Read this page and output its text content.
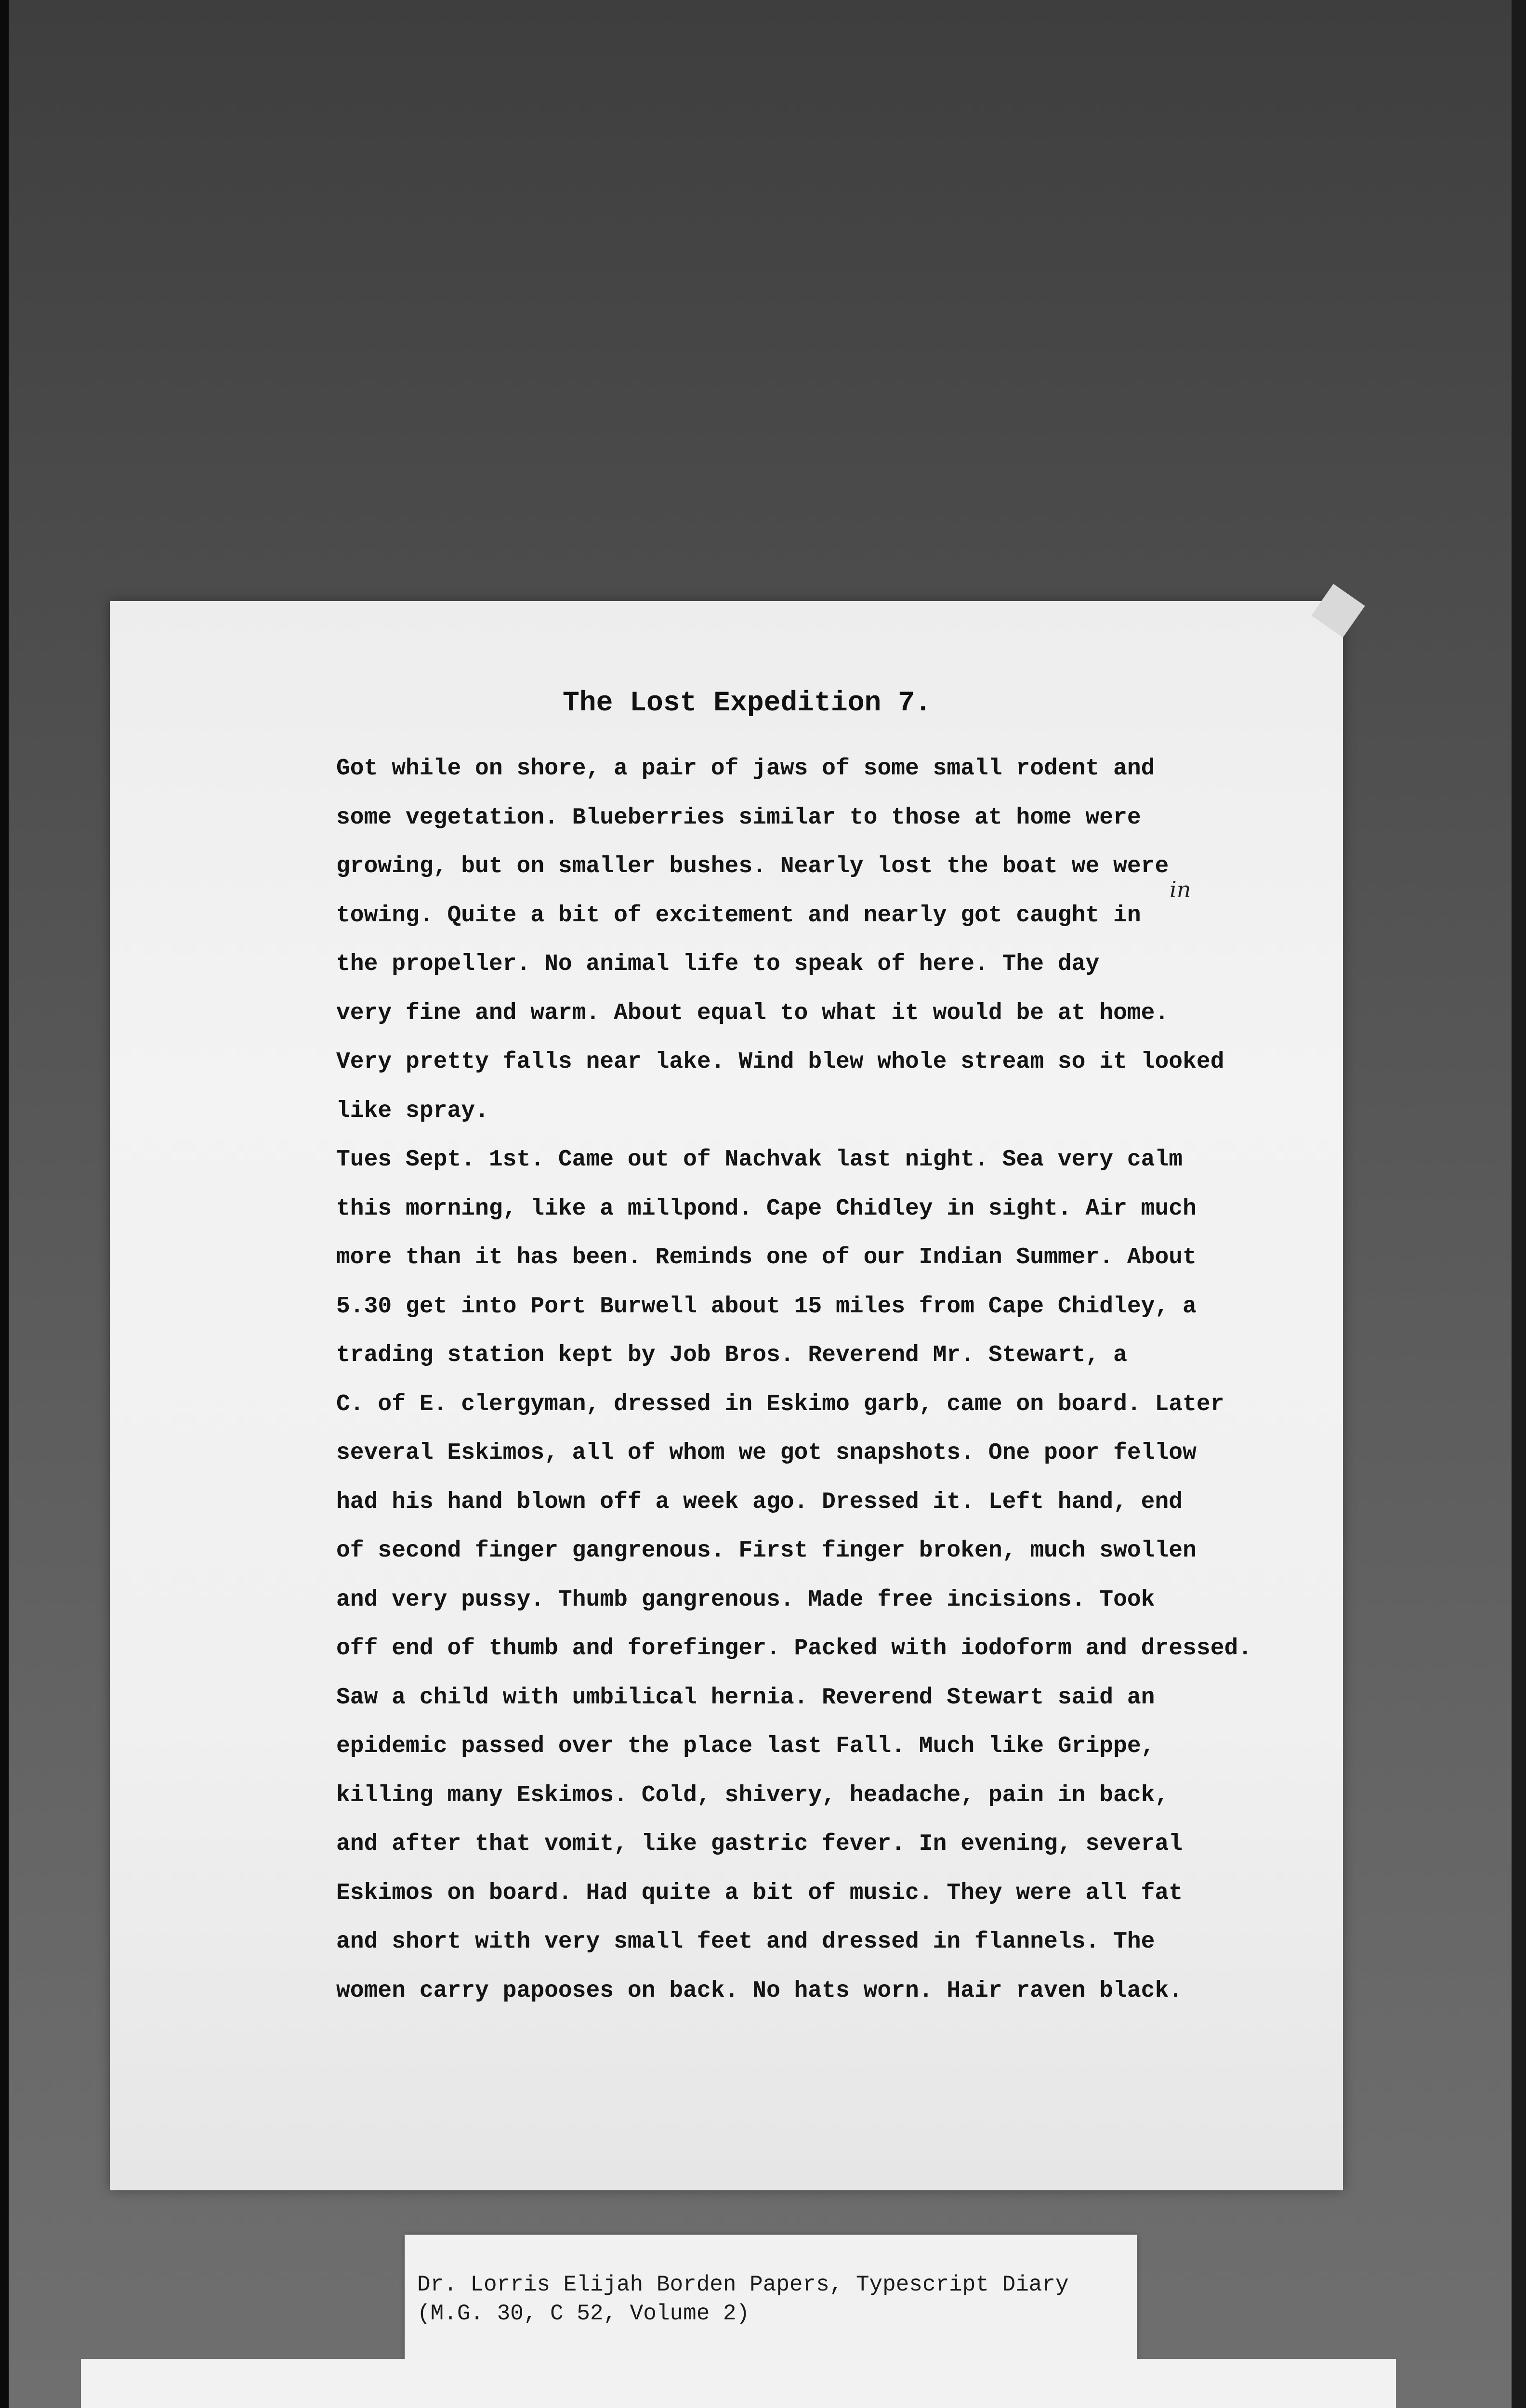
The Lost Expedition 7.
in
Got while on shore, a pair of jaws of some small rodent and
some vegetation. Blueberries similar to those at home were
growing, but on smaller bushes. Nearly lost the boat we were
towing. Quite a bit of excitement and nearly got caught in
the propeller. No animal life to speak of here. The day
very fine and warm. About equal to what it would be at home.
Very pretty falls near lake. Wind blew whole stream so it looked
like spray.
Tues Sept. 1st. Came out of Nachvak last night. Sea very calm
this morning, like a millpond. Cape Chidley in sight. Air much
more than it has been. Reminds one of our Indian Summer. About
5.30 get into Port Burwell about 15 miles from Cape Chidley, a
trading station kept by Job Bros. Reverend Mr. Stewart, a
C. of E. clergyman, dressed in Eskimo garb, came on board. Later
several Eskimos, all of whom we got snapshots. One poor fellow
had his hand blown off a week ago. Dressed it. Left hand, end
of second finger gangrenous. First finger broken, much swollen
and very pussy. Thumb gangrenous. Made free incisions. Took
off end of thumb and forefinger. Packed with iodoform and dressed.
Saw a child with umbilical hernia. Reverend Stewart said an
epidemic passed over the place last Fall. Much like Grippe,
killing many Eskimos. Cold, shivery, headache, pain in back,
and after that vomit, like gastric fever. In evening, several
Eskimos on board. Had quite a bit of music. They were all fat
and short with very small feet and dressed in flannels. The
women carry papooses on back. No hats worn. Hair raven black.
Dr. Lorris Elijah Borden Papers, Typescript Diary
(M.G. 30, C 52, Volume 2)
